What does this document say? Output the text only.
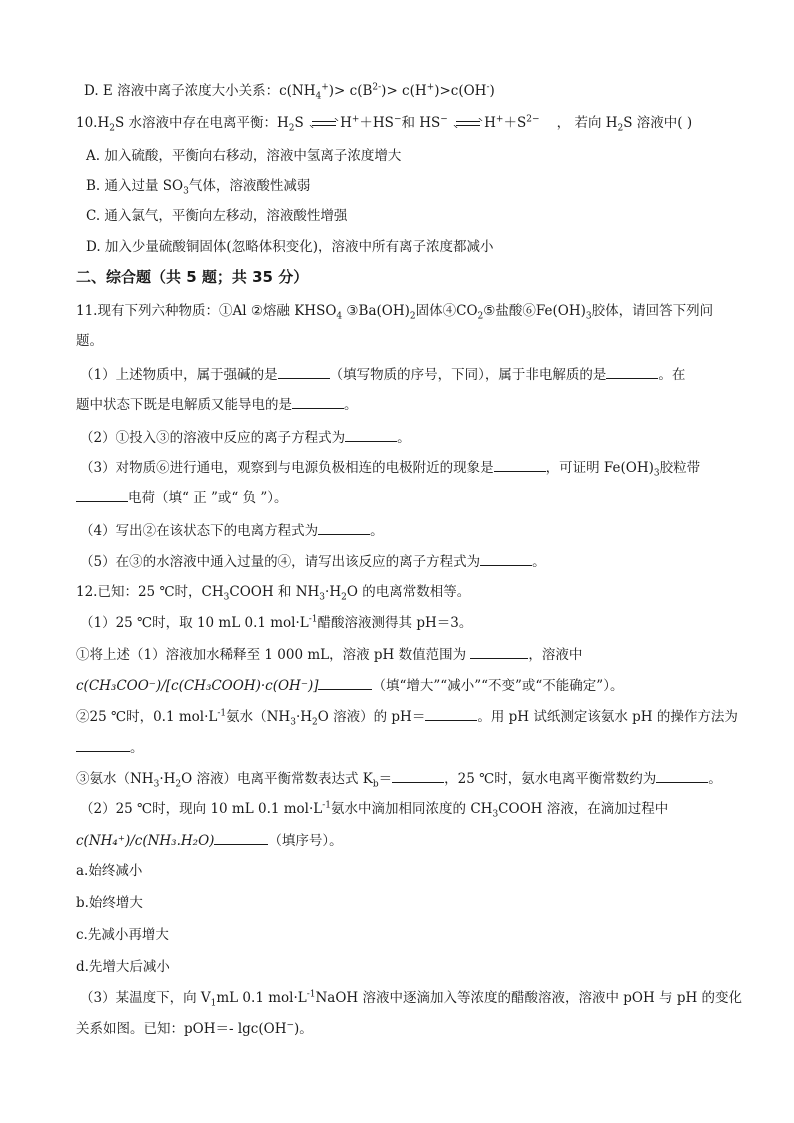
D. E 溶液中离子浓度大小关系：$c(NH_4^+)> c(B^{2-})> c(H^+)>c(OH^-)$
$10.H_2S$ 水溶液中存在电离平衡：$H_2S$	H+＋HS−和 HS−	$H^++S^{2-}$ ， 若向 $H_2S$ 溶液中( )
A. 加入硫酸，平衡向右移动，溶液中氢离子浓度增大
B. 通入过量 $SO_3$气体，溶液酸性减弱
C. 通入氯气，平衡向左移动，溶液酸性增强
D. 加入少量硫酸铜固体(忽略体积变化)，溶液中所有离子浓度都减小
二、综合题（共 5 题；共 35 分）
11.现有下列六种物质：①Al ②熔融 $KHSO_4$ $③Ba(OH)_2$固体$④CO_2⑤$盐酸$⑥Fe(OH)_3$胶体，请回答下列问
题。
（1）上述物质中，属于强碱的是	（填写物质的序号，下同），属于非电解质的是	。在
题中状态下既是电解质又能导电的是	。
（2）①投入③的溶液中反应的离子方程式为	。
（3）对物质⑥进行通电，观察到与电源负极相连的电极附近的现象是	，可证明 $Fe(OH)_3$胶粒带
电荷（填“ 正 ”或“ 负 ”）。
（4）写出②在该状态下的电离方程式为	。
（5）在③的水溶液中通入过量的④，请写出该反应的离子方程式为	。
12.已知：25 ℃时，$CH_3COOH$ 和 $NH_3\cdot H_2O$ 的电离常数相等。
（1）25 ℃时，取 10 mL 0.1 $mol\cdot L^{-1}$醋酸溶液测得其 pH＝3。
①将上述（1）溶液加水稀释至 1 000 mL，溶液 pH 数值范围为	，溶液中
c(CH₃COO⁻)/[c(CH₃COOH)·c(OH⁻)]	（填“增大”“减小”“不变”或“不能确定”）。
②25 ℃时，0.1 $mol\cdot L^{-1}$氨水（$NH_3\cdot H_2O$ 溶液）的 pH＝	。用 pH 试纸测定该氨水 pH 的操作方法为
。
③氨水（$NH_3\cdot H_2O$ 溶液）电离平衡常数表达式 $K_b=$	，25 ℃时，氨水电离平衡常数约为	。
（2）25 ℃时，现向 10 mL 0.1 $mol\cdot L^{-1}$氨水中滴加相同浓度的 $CH_3COOH$ 溶液，在滴加过程中
c(NH₄⁺)/c(NH₃.H₂O)	（填序号）。
a.始终减小
b.始终增大
c.先减小再增大
d.先增大后减小
（3）某温度下，向 $V_1mL$ 0.1 $mol\cdot L^{-1}NaOH$ 溶液中逐滴加入等浓度的醋酸溶液，溶液中 pOH 与 pH 的变化
关系如图。已知：pOH＝- lgc(OH−)。
